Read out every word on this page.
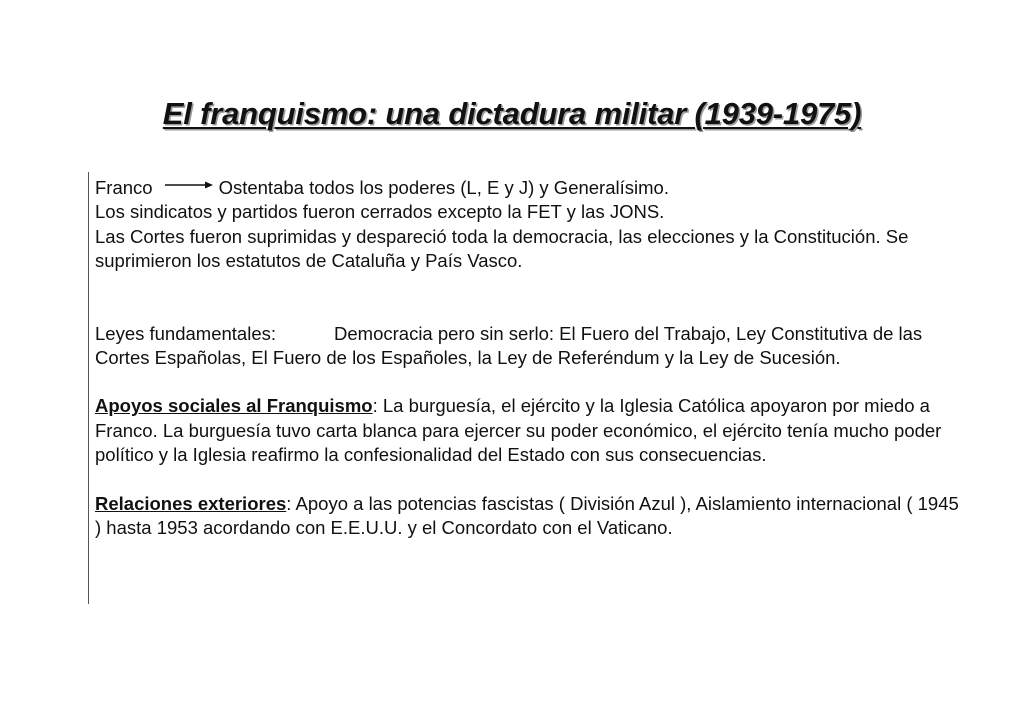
El franquismo: una dictadura militar (1939-1975)

Franco	Ostentaba todos los poderes (L, E y J) y Generalísimo.

Los sindicatos y partidos fueron cerrados excepto la FET y las JONS.

Las Cortes fueron suprimidas y despareció toda la democracia, las elecciones y la Constitución. Se suprimieron los estatutos de Cataluña y País Vasco.

Leyes fundamentales:	Democracia pero sin serlo: El Fuero del Trabajo, Ley Constitutiva de las Cortes Españolas, El Fuero de los Españoles, la Ley de Referéndum y la Ley de Sucesión.

Apoyos sociales al Franquismo: La burguesía, el ejército y la Iglesia Católica apoyaron por miedo a Franco. La burguesía tuvo carta blanca para ejercer su poder económico, el ejército tenía mucho poder político y la Iglesia reafirmo la confesionalidad del Estado con sus consecuencias.

Relaciones exteriores: Apoyo a las potencias fascistas ( División Azul ), Aislamiento internacional ( 1945 ) hasta 1953 acordando con E.E.U.U. y el Concordato con el Vaticano.
